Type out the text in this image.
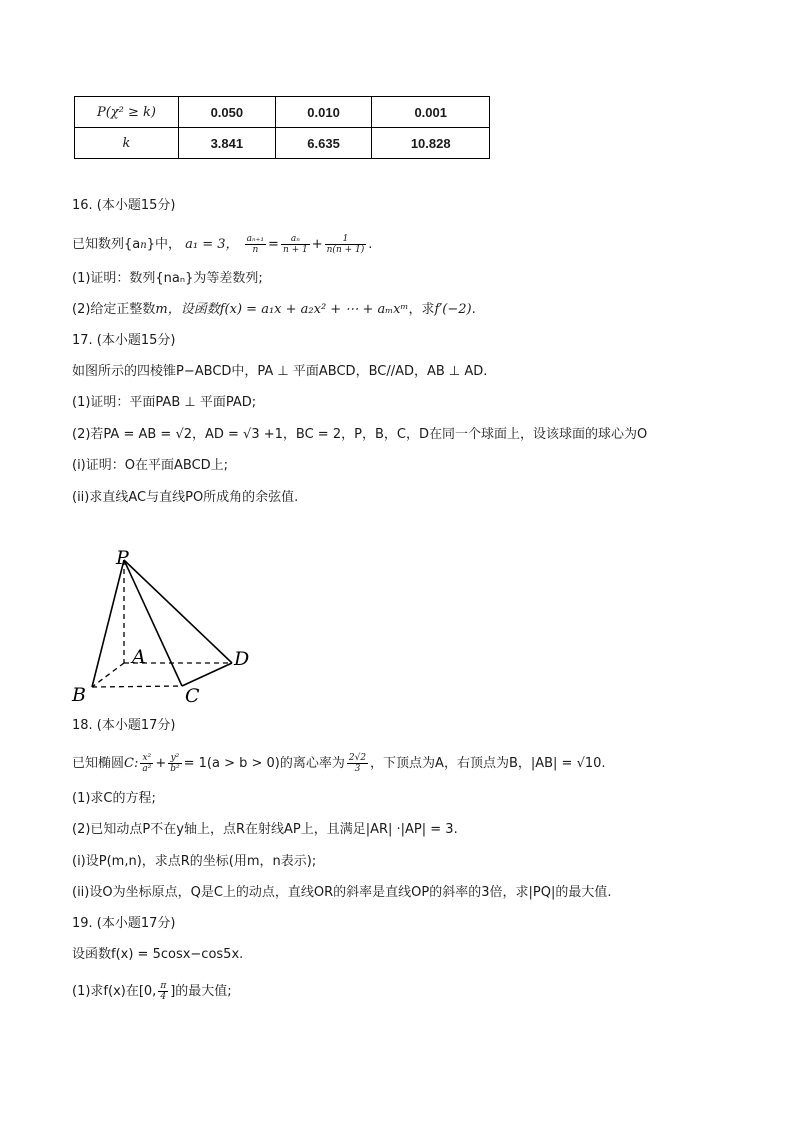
P(χ² ≥ k)	0.050	0.010	0.001
k	3.841	6.635	10.828
16. (本小题15分)
已知数列{an}中， a₁ = 3， $\frac{\text{aₙ₊₁}}{n} = \frac{\text{aₙ}}{n + 1} + \frac{1}{n(n + 1)}$ .
(1)证明：数列{naₙ}为等差数列;
(2)给定正整数m，设函数f(x) = a₁x + a₂x² + ⋯ + aₘxᵐ，求f′(−2).
17. (本小题15分)
如图所示的四棱锥P−ABCD中，PA ⊥ 平面ABCD，BC//AD，AB ⊥ AD.
(1)证明：平面PAB ⊥ 平面PAD;
(2)若PA = AB = √2，AD = √3 +1，BC = 2，P，B，C，D在同一个球面上，设该球面的球心为O
(i)证明：O在平面ABCD上;
(ii)求直线AC与直线PO所成角的余弦值.
P
A
B	C
D
18. (本小题17分)
已知椭圆C: $\frac{\text{x²}}{\text{a²}} + \frac{\text{y²}}{\text{b²}} = 1(a > b > 0)$的离心率为 $\frac{2√2}{3}$ ，下顶点为A，右顶点为B，|AB| = √10.
(1)求C的方程;
(2)已知动点P不在y轴上，点R在射线AP上，且满足|AR| ·|AP| = 3.
(i)设P(m,n)，求点R的坐标(用m，n表示);
(ii)设O为坐标原点，Q是C上的动点，直线OR的斜率是直线OP的斜率的3倍，求|PQ|的最大值.
19. (本小题17分)
设函数f(x) = 5cosx−cos5x.
(1)求f(x)在[0, $\frac{\pi}{4}$ ]的最大值;
